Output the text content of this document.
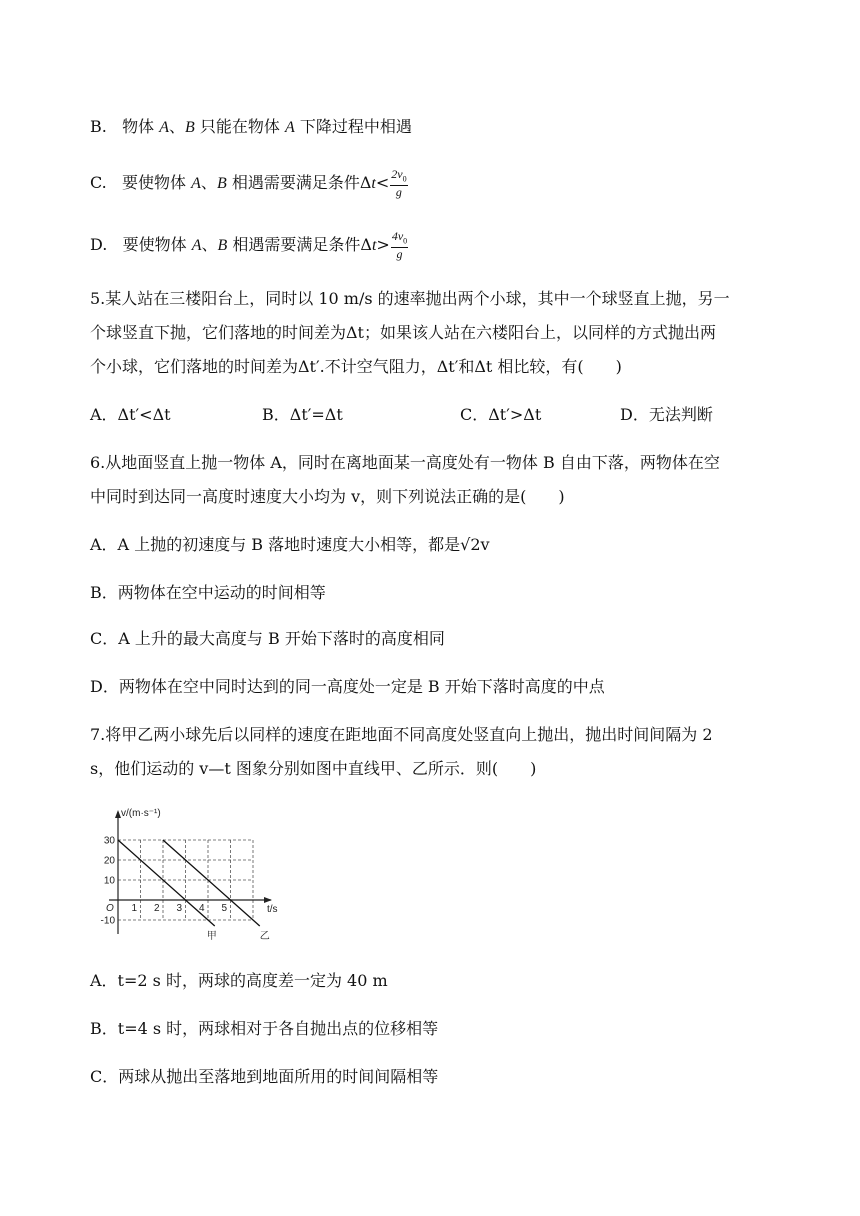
B. 物体 A、B 只能在物体 A 下降过程中相遇
C. 要使物体 A、B 相遇需要满足条件$\Delta t< \frac{2v_0}{g}$
D. 要使物体 A、B 相遇需要满足条件$\Delta t> \frac{4v_0}{g}$
5.某人站在三楼阳台上，同时以 10 m/s 的速率抛出两个小球，其中一个球竖直上抛，另一
个球竖直下抛，它们落地的时间差为Δt；如果该人站在六楼阳台上，以同样的方式抛出两
个小球，它们落地的时间差为Δt′.不计空气阻力，Δt′和Δt 相比较，有(　　)
A．Δt′<Δt	B．Δt′=Δt	C．Δt′>Δt	D．无法判断
6.从地面竖直上抛一物体 A，同时在离地面某一高度处有一物体 B 自由下落，两物体在空
中同时到达同一高度时速度大小均为 v，则下列说法正确的是(　　)
A．A 上抛的初速度与 B 落地时速度大小相等，都是√2v
B．两物体在空中运动的时间相等
C．A 上升的最大高度与 B 开始下落时的高度相同
D．两物体在空中同时达到的同一高度处一定是 B 开始下落时高度的中点
7.将甲乙两小球先后以同样的速度在距地面不同高度处竖直向上抛出，抛出时间间隔为 2
s，他们运动的 v—t 图象分别如图中直线甲、乙所示．则(　　)
甲	乙
1 2 3 4 5
30
20
10
-10
O
v/(m·s⁻¹)
t/s
A．t=2 s 时，两球的高度差一定为 40 m
B．t=4 s 时，两球相对于各自抛出点的位移相等
C．两球从抛出至落地到地面所用的时间间隔相等
